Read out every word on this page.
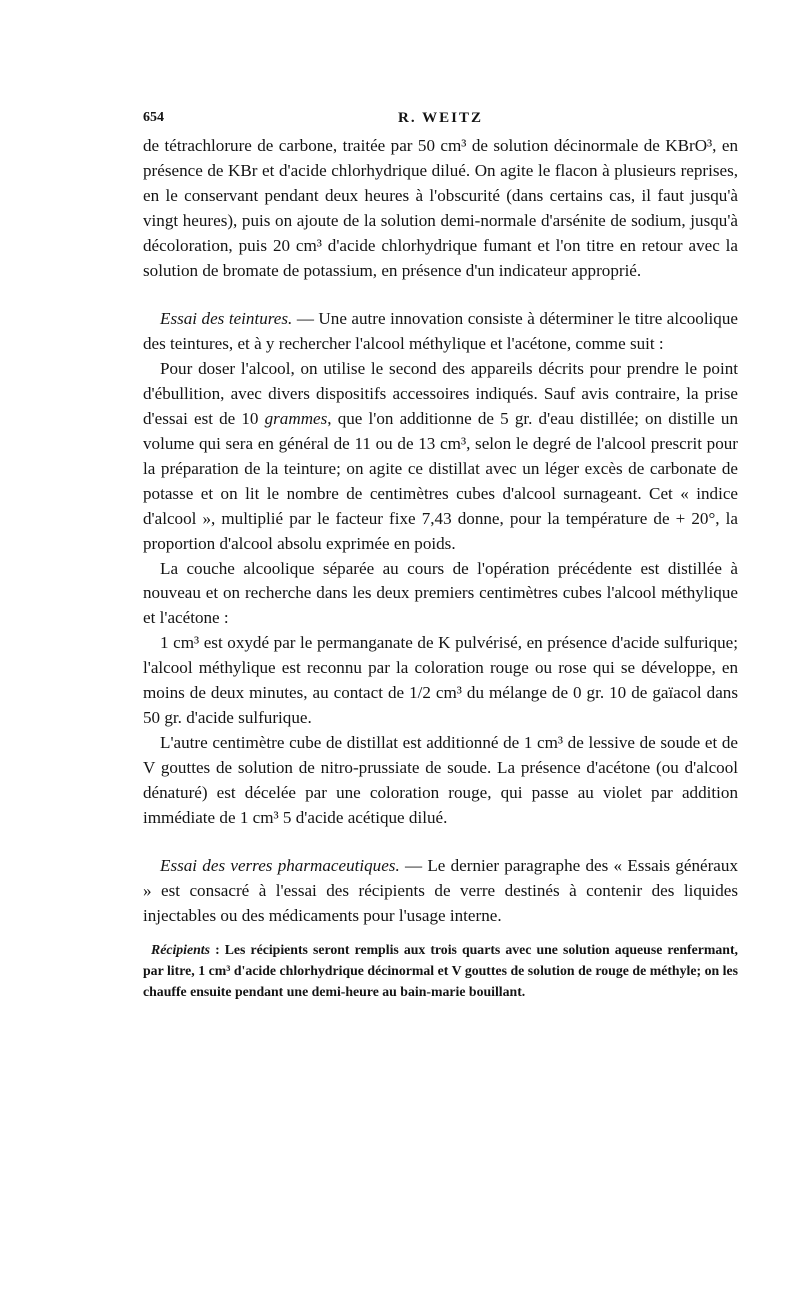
654	R. WEITZ

de tétrachlorure de carbone, traitée par 50 cm³ de solution décinormale de KBrO³, en présence de KBr et d'acide chlorhydrique dilué. On agite le flacon à plusieurs reprises, en le conservant pendant deux heures à l'obscurité (dans certains cas, il faut jusqu'à vingt heures), puis on ajoute de la solution demi-normale d'arsénite de sodium, jusqu'à décoloration, puis 20 cm³ d'acide chlorhydrique fumant et l'on titre en retour avec la solution de bromate de potassium, en présence d'un indicateur approprié.

Essai des teintures. — Une autre innovation consiste à déterminer le titre alcoolique des teintures, et à y rechercher l'alcool méthylique et l'acétone, comme suit :

Pour doser l'alcool, on utilise le second des appareils décrits pour prendre le point d'ébullition, avec divers dispositifs accessoires indiqués. Sauf avis contraire, la prise d'essai est de 10 grammes, que l'on additionne de 5 gr. d'eau distillée; on distille un volume qui sera en général de 11 ou de 13 cm³, selon le degré de l'alcool prescrit pour la préparation de la teinture; on agite ce distillat avec un léger excès de carbonate de potasse et on lit le nombre de centimètres cubes d'alcool surnageant. Cet « indice d'alcool », multiplié par le facteur fixe 7,43 donne, pour la température de + 20°, la proportion d'alcool absolu exprimée en poids.

La couche alcoolique séparée au cours de l'opération précédente est distillée à nouveau et on recherche dans les deux premiers centimètres cubes l'alcool méthylique et l'acétone :

1 cm³ est oxydé par le permanganate de K pulvérisé, en présence d'acide sulfurique; l'alcool méthylique est reconnu par la coloration rouge ou rose qui se développe, en moins de deux minutes, au contact de 1/2 cm³ du mélange de 0 gr. 10 de gaïacol dans 50 gr. d'acide sulfurique.

L'autre centimètre cube de distillat est additionné de 1 cm³ de lessive de soude et de V gouttes de solution de nitro-prussiate de soude. La présence d'acétone (ou d'alcool dénaturé) est décelée par une coloration rouge, qui passe au violet par addition immédiate de 1 cm³ 5 d'acide acétique dilué.

Essai des verres pharmaceutiques. — Le dernier paragraphe des « Essais généraux » est consacré à l'essai des récipients de verre destinés à contenir des liquides injectables ou des médicaments pour l'usage interne.

Récipients : Les récipients seront remplis aux trois quarts avec une solution aqueuse renfermant, par litre, 1 cm³ d'acide chlorhydrique décinormal et V gouttes de solution de rouge de méthyle; on les chauffe ensuite pendant une demi-heure au bain-marie bouillant.
